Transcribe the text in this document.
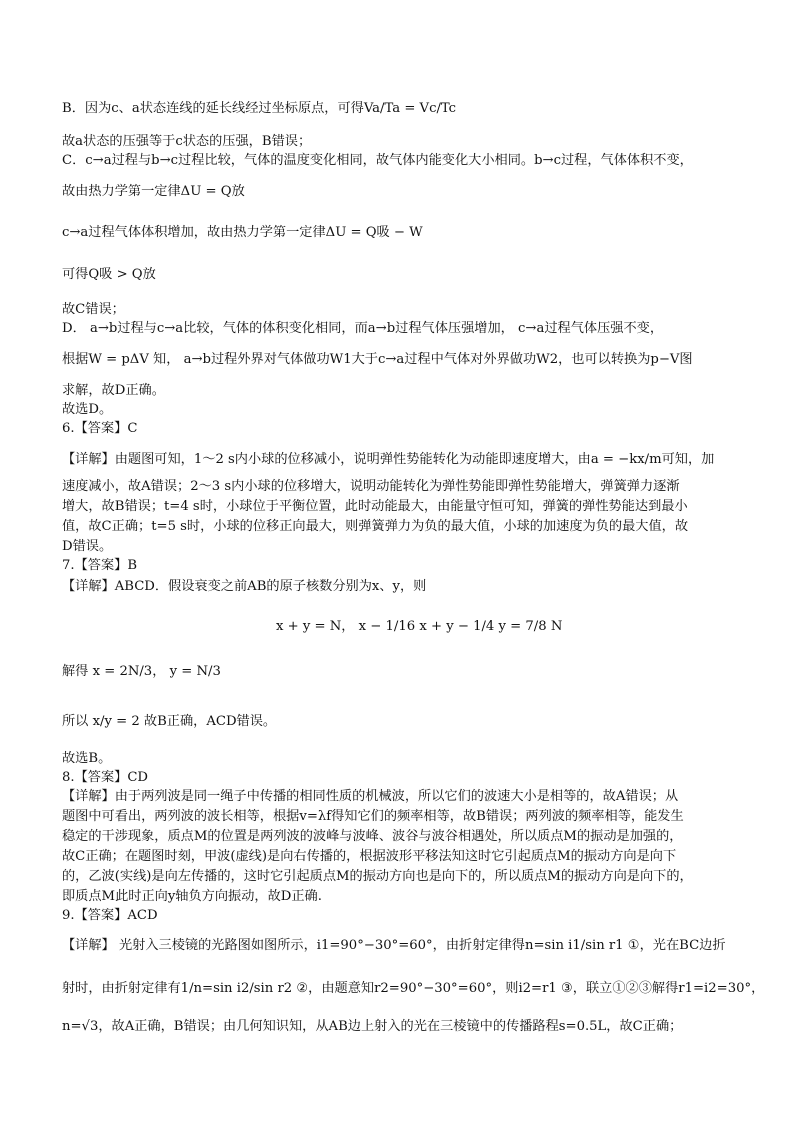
B．因为c、a状态连线的延长线经过坐标原点，可得Va/Ta = Vc/Tc
故a状态的压强等于c状态的压强，B错误；
C．c→a过程与b→c过程比较，气体的温度变化相同，故气体内能变化大小相同。b→c过程，气体体积不变，
故由热力学第一定律ΔU = Q放
c→a过程气体体积增加，故由热力学第一定律ΔU = Q吸 − W
可得Q吸 > Q放
故C错误；
D． a→b过程与c→a比较，气体的体积变化相同，而a→b过程气体压强增加， c→a过程气体压强不变，
根据W = pΔV 知， a→b过程外界对气体做功W1大于c→a过程中气体对外界做功W2，也可以转换为p−V图
求解，故D正确。
故选D。
6.【答案】C
【详解】由题图可知，1～2 s内小球的位移减小，说明弹性势能转化为动能即速度增大，由a = −kx/m可知，加
速度减小，故A错误；2～3 s内小球的位移增大，说明动能转化为弹性势能即弹性势能增大，弹簧弹力逐渐
增大，故B错误；t=4 s时，小球位于平衡位置，此时动能最大，由能量守恒可知，弹簧的弹性势能达到最小
值，故C正确；t=5 s时，小球的位移正向最大，则弹簧弹力为负的最大值，小球的加速度为负的最大值，故
D错误。
7.【答案】B
【详解】ABCD．假设衰变之前AB的原子核数分别为x、y，则
x + y = N， x − 1/16 x + y − 1/4 y = 7/8 N
解得 x = 2N/3， y = N/3
所以 x/y = 2 故B正确，ACD错误。
故选B。
8.【答案】CD
【详解】由于两列波是同一绳子中传播的相同性质的机械波，所以它们的波速大小是相等的，故A错误；从
题图中可看出，两列波的波长相等，根据v=λf得知它们的频率相等，故B错误；两列波的频率相等，能发生
稳定的干涉现象，质点M的位置是两列波的波峰与波峰、波谷与波谷相遇处，所以质点M的振动是加强的，
故C正确；在题图时刻，甲波(虚线)是向右传播的，根据波形平移法知这时它引起质点M的振动方向是向下
的，乙波(实线)是向左传播的，这时它引起质点M的振动方向也是向下的，所以质点M的振动方向是向下的，
即质点M此时正向y轴负方向振动，故D正确.
9.【答案】ACD
【详解】 光射入三棱镜的光路图如图所示，i1=90°−30°=60°，由折射定律得n=sin i1/sin r1 ①，光在BC边折
射时，由折射定律有1/n=sin i2/sin r2 ②，由题意知r2=90°−30°=60°，则i2=r1 ③，联立①②③解得r1=i2=30°，
n=√3，故A正确，B错误；由几何知识知，从AB边上射入的光在三棱镜中的传播路程s=0.5L，故C正确；
